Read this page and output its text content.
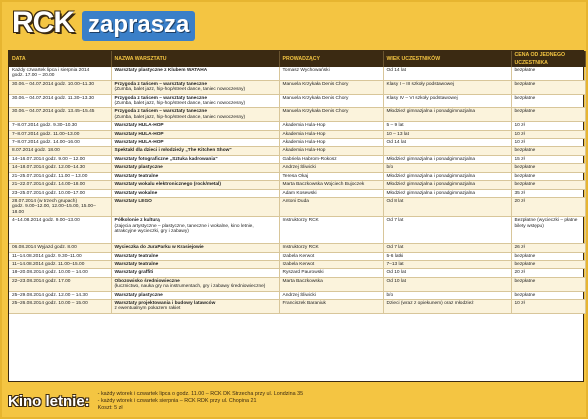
RCK zaprasza
DATA	NAZWA WARSZTATU	PROWADZĄCY	WIEK UCZESTNIKÓW	CENA OD JEDNEGO UCZESTNIKA

Każdy czwartek lipca i sierpnia 2014
godz. 17.00 – 20.00	Warsztaty plastyczne z Klubem WATAHA	Tomasz Wychowański	Od 14 lat	bezpłatne

30.06.– 04.07.2014 godz. 10.00–11.30	Przygoda z tańcem – warsztaty taneczne
(Zumba, balet jazz, hip-hop/street dance, taniec nowoczesny)	Manuela Krzykała Denis Chory	Klasy I – III szkoły podstawowej	bezpłatne

30.06.– 04.07.2014 godz. 11.30–13.30	Przygoda z tańcem – warsztaty taneczne
(Zumba, balet jazz, hip-hop/street dance, taniec nowoczesny)	Manuela Krzykała Denis Chory	Klasy IV – VI szkoły podstawowej	bezpłatne

30.06.– 04.07.2014 godz. 13.45–15.45	Przygoda z tańcem – warsztaty taneczne
(Zumba, balet jazz, hip-hop/street dance, taniec nowoczesny)	Manuela Krzykała Denis Chory	Młodzież gimnazjalna i ponadgimnazjalna	bezpłatne

7–8.07.2014 godz. 9.30–10.30	Warsztaty HULA-HOP	Akademia Hula-Hop	5 – 9 lat	10 zł

7–8.07.2014 godz. 11.00–13.00	Warsztaty HULA-HOP	Akademia Hula-Hop	10 – 13 lat	10 zł

7–8.07.2014 godz. 14.00–16.00	Warsztaty HULA-HOP	Akademia Hula-Hop	Od 14 lat	10 zł

8.07.2014 godz. 18.00	Spektakl dla dzieci i młodzieży „The Kitchen Show"	Akademia Hula-Hop		bezpłatne

14–16.07.2014 godz. 9.00 – 12.00	Warsztaty fotograficzne „Sztuka kadrowania"	Gabriela Habrom-Rokosz	Młodzież gimnazjalna i ponadgimnazjalna	15 zł

14–18.07.2014 godz. 12.00–14.30	Warsztaty plastyczne	Andrzej Śliwicki	b/o	bezpłatne

21–25.07.2014 godz. 11.00 – 13.00	Warsztaty teatralne	Teresa Okaj	Młodzież gimnazjalna i ponadgimnazjalna	bezpłatne

21–22.07.2014 godz. 14.00–18.00	Warsztaty wokalu elektronicznego (rock/metal)	Marta Baczkowska Wojciech Bujoczek	Młodzież gimnazjalna i ponadgimnazjalna	bezpłatne

23–25.07.2014 godz. 10.00–17.00	Warsztaty wokalne	Adam Kosewski	Młodzież gimnazjalna i ponadgimnazjalna	35 zł

28.07.2014 (w trzech grupach)
godz. 9.00–12.00, 12.00–15.00, 15.00–18.00	Warsztaty LEGO	Antoni Duda	Od 8 lat	20 zł

4–14.08.2014 godz. 9.00–13.00	Półkolonie z kulturą
(zajęcia artystyczne – plastyczne, taneczne i wokalne, kino letnie,
atrakcyjne wycieczki, gry i zabawy)	Instruktorzy RCK	Od 7 lat	Bezpłatne (wycieczki – płatne bilety wstępu)

06.08.2014 Wyjazd godz. 8.00	Wycieczka do JuraParku w Krasiejowie	Instruktorzy RCK	Od 7 lat	26 zł

11–14.08.2014 godz. 9.30–11.00	Warsztaty teatralne	Izabela Kerwot	5-6 latki	bezpłatne

11–14.08.2014 godz. 11.00–15.00	Warsztaty teatralne	Izabela Kerwot	7–13 lat	bezpłatne

18–20.08.2014 godz. 10.00 – 14.00	Warsztaty graffiti	Ryszard Paurowski	Od 10 lat	20 zł

22–23.08.2014 godz. 17.00	Obozowisko średniowieczne
(łucznictwo, nauka gry na instrumentach, gry i zabawy średniowieczne)	Marta Baczkowska	Od 10 lat	bezpłatne

25–29.08.2014 godz. 12.00 – 14.30	Warsztaty plastyczne	Andrzej Śliwicki	b/o	bezpłatne

25–26.08.2014 godz. 10.00 – 15.00	Warsztaty projektowania i budowy latawców
z ewentualnym pokazem rakiet	Franciszek Baraniuk	Dzieci (wraz z opiekunem) oraz młodzież	10 zł
Kino letnie: - każdy wtorek i czwartek lipca o godz. 11.00 – RCK DK Strzecha przy ul. Londzina 35
- każdy wtorek i czwartek sierpnia – RCK RDK przy ul. Chopina 21
Koszt: 5 zł
